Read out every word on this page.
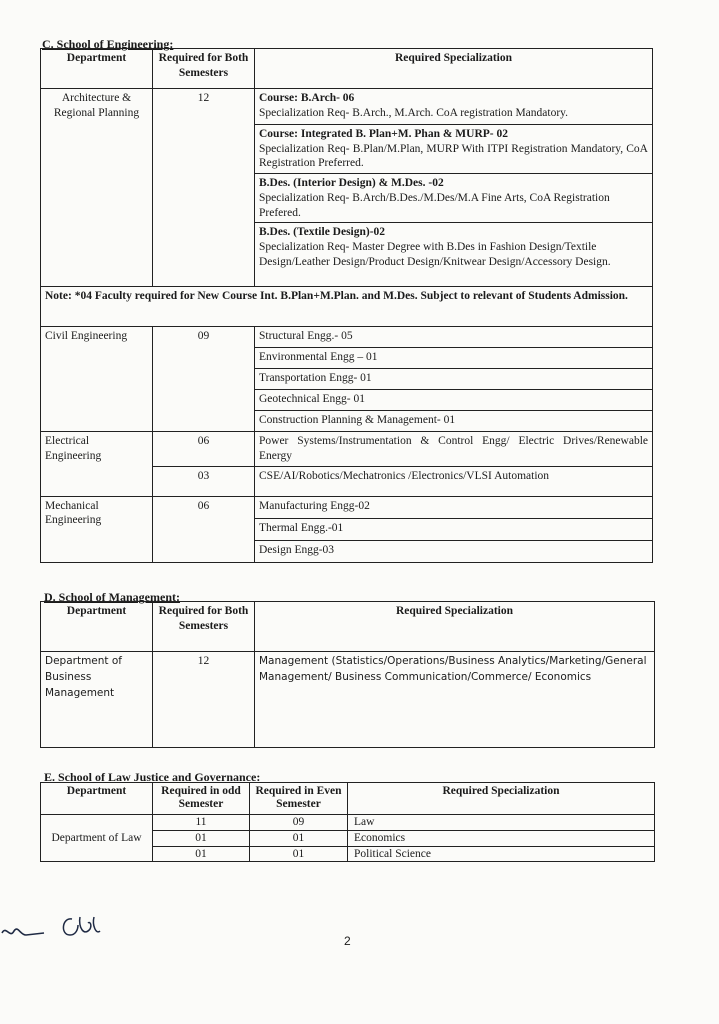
C. School of Engineering:
Department	Required for Both Semesters	Required Specialization
Architecture & Regional Planning	12	Course: B.Arch- 06
Specialization Req- B.Arch., M.Arch. CoA registration Mandatory.

		Course: Integrated B. Plan+M. Phan & MURP- 02
Specialization Req- B.Plan/M.Plan, MURP With ITPI Registration Mandatory, CoA Registration Preferred.

		B.Des. (Interior Design) & M.Des. -02
Specialization Req- B.Arch/B.Des./M.Des/M.A Fine Arts, CoA Registration Prefered.

		B.Des. (Textile Design)-02
Specialization Req- Master Degree with B.Des in Fashion Design/Textile Design/Leather Design/Product Design/Knitwear Design/Accessory Design.

Note: *04 Faculty required for New Course Int. B.Plan+M.Plan. and M.Des. Subject to relevant of Students Admission.		
Civil Engineering	09	Structural Engg.- 05
		Environmental Engg – 01
		Transportation Engg- 01
		Geotechnical Engg- 01
		Construction Planning & Management- 01
Electrical Engineering	06	Power Systems/Instrumentation & Control Engg/ Electric Drives/Renewable Energy
	03	CSE/AI/Robotics/Mechatronics /Electronics/VLSI Automation
Mechanical Engineering	06	Manufacturing Engg-02
		Thermal Engg.-01
		Design Engg-03
D. School of Management:
Department	Required for Both Semesters	Required Specialization
Department of Business Management	12	Management (Statistics/Operations/Business Analytics/Marketing/General Management/ Business Communication/Commerce/ Economics
E. School of Law Justice and Governance:
Department	Required in odd Semester	Required in Even Semester	Required Specialization
Department of Law	11	09	Law
	01	01	Economics
	01	01	Political Science
2
